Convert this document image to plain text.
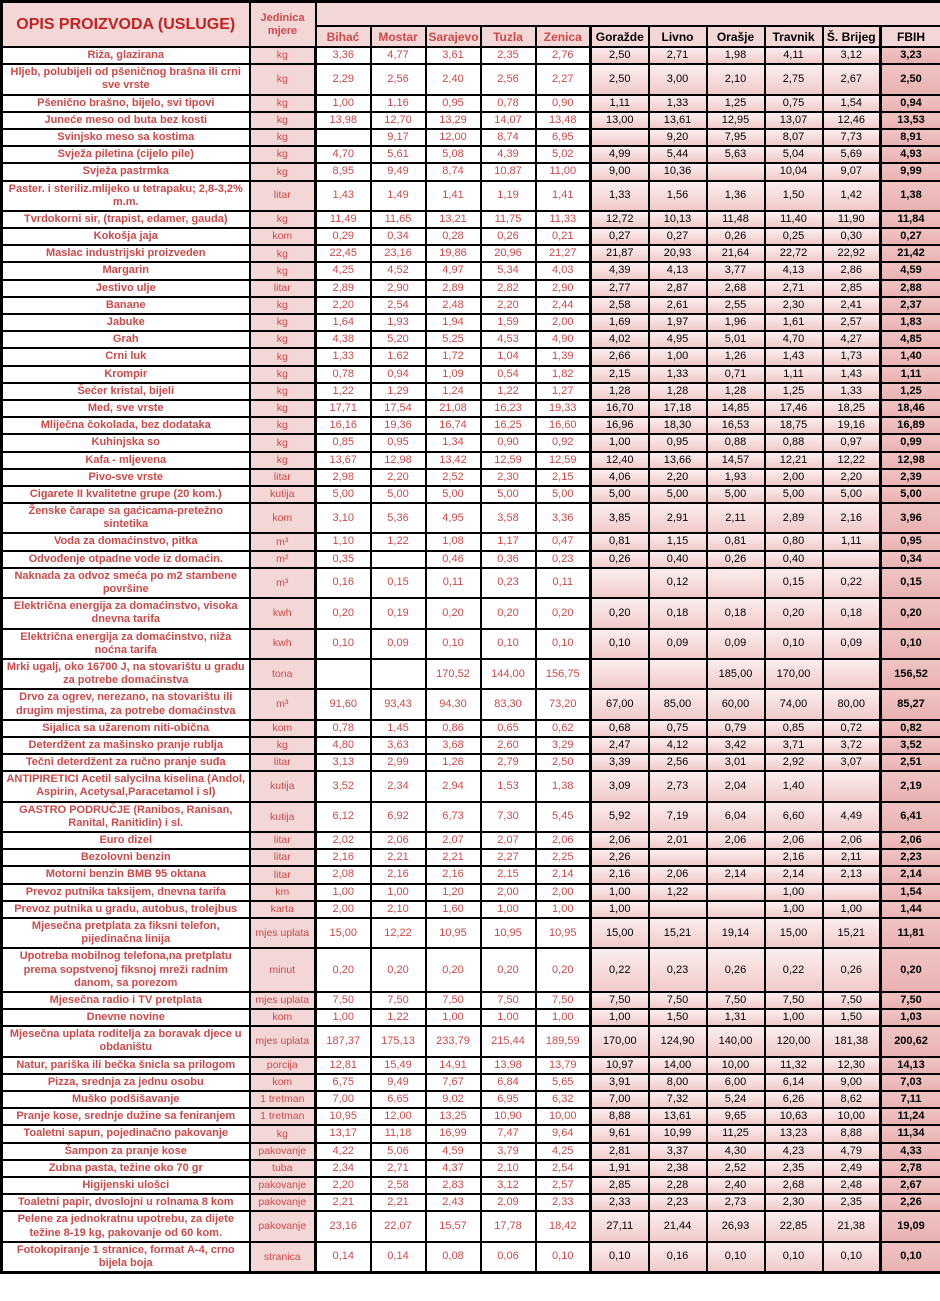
OPIS PROIZVODA (USLUGE)	Jedinica mjere											
		Bihać	Mostar	Sarajevo	Tuzla	Zenica	Goražde	Livno	Orašje	Travnik	Š. Brijeg	FBIH
Riža, glazirana	kg	3,36	4,77	3,61	2,35	2,76	2,50	2,71	1,98	4,11	3,12	3,23
Hljeb, polubijeli od pšeničnog brašna ili crni sve vrste	kg	2,29	2,56	2,40	2,56	2,27	2,50	3,00	2,10	2,75	2,67	2,50
Pšenično brašno, bijelo, svi tipovi	kg	1,00	1,16	0,95	0,78	0,90	1,11	1,33	1,25	0,75	1,54	0,94
Juneće meso od buta bez kosti	kg	13,98	12,70	13,29	14,07	13,48	13,00	13,61	12,95	13,07	12,46	13,53
Svinjsko meso sa kostima	kg		9,17	12,00	8,74	6,95		9,20	7,95	8,07	7,73	8,91
Svježa piletina (cijelo pile)	kg	4,70	5,61	5,08	4,39	5,02	4,99	5,44	5,63	5,04	5,69	4,93
Svježa pastrmka	kg	8,95	9,49	8,74	10,87	11,00	9,00	10,36		10,04	9,07	9,99
Paster. i steriliz.mlijeko u tetrapaku; 2,8-3,2% m.m.	litar	1,43	1,49	1,41	1,19	1,41	1,33	1,56	1,36	1,50	1,42	1,38
Tvrdokorni sir, (trapist, edamer, gauda)	kg	11,49	11,65	13,21	11,75	11,33	12,72	10,13	11,48	11,40	11,90	11,84
Kokošja jaja	kom	0,29	0,34	0,28	0,26	0,21	0,27	0,27	0,26	0,25	0,30	0,27
Maslac industrijski proizveden	kg	22,45	23,16	19,86	20,96	21,27	21,87	20,93	21,64	22,72	22,92	21,42
Margarin	kg	4,25	4,52	4,97	5,34	4,03	4,39	4,13	3,77	4,13	2,86	4,59
Jestivo ulje	litar	2,89	2,90	2,89	2,82	2,90	2,77	2,87	2,68	2,71	2,85	2,88
Banane	kg	2,20	2,54	2,48	2,20	2,44	2,58	2,61	2,55	2,30	2,41	2,37
Jabuke	kg	1,64	1,93	1,94	1,59	2,00	1,69	1,97	1,96	1,61	2,57	1,83
Grah	kg	4,38	5,20	5,25	4,53	4,90	4,02	4,95	5,01	4,70	4,27	4,85
Crni luk	kg	1,33	1,62	1,72	1,04	1,39	2,66	1,00	1,26	1,43	1,73	1,40
Krompir	kg	0,78	0,94	1,09	0,54	1,82	2,15	1,33	0,71	1,11	1,43	1,11
Šećer kristal, bijeli	kg	1,22	1,29	1,24	1,22	1,27	1,28	1,28	1,28	1,25	1,33	1,25
Med, sve vrste	kg	17,71	17,54	21,08	16,23	19,33	16,70	17,18	14,85	17,46	18,25	18,46
Mliječna čokolada, bez dodataka	kg	16,16	19,36	16,74	16,25	16,60	16,96	18,30	16,53	18,75	19,16	16,89
Kuhinjska so	kg	0,85	0,95	1,34	0,90	0,92	1,00	0,95	0,88	0,88	0,97	0,99
Kafa - mljevena	kg	13,67	12,98	13,42	12,59	12,59	12,40	13,66	14,57	12,21	12,22	12,98
Pivo-sve vrste	litar	2,98	2,20	2,52	2,30	2,15	4,06	2,20	1,93	2,00	2,20	2,39
Cigarete II kvalitetne grupe (20 kom.)	kutija	5,00	5,00	5,00	5,00	5,00	5,00	5,00	5,00	5,00	5,00	5,00
Ženske čarape sa gaćicama-pretežno sintetika	kom	3,10	5,36	4,95	3,58	3,36	3,85	2,91	2,11	2,89	2,16	3,96
Voda za domaćinstvo, pitka	m³	1,10	1,22	1,08	1,17	0,47	0,81	1,15	0,81	0,80	1,11	0,95
Odvođenje otpadne vode iz domaćin.	m²	0,35		0,46	0,36	0,23	0,26	0,40	0,26	0,40		0,34
Naknada za odvoz smeća po m2 stambene površine	m³	0,16	0,15	0,11	0,23	0,11		0,12		0,15	0,22	0,15
Električna energija za domaćinstvo, visoka dnevna tarifa	kwh	0,20	0,19	0,20	0,20	0,20	0,20	0,18	0,18	0,20	0,18	0,20
Električna energija za domaćinstvo, niža noćna tarifa	kwh	0,10	0,09	0,10	0,10	0,10	0,10	0,09	0,09	0,10	0,09	0,10
Mrki ugalj, oko 16700 J, na stovarištu u gradu za potrebe domaćinstva	tona			170,52	144,00	156,75			185,00	170,00		156,52
Drvo za ogrev, nerezano, na stovarištu ili drugim mjestima, za potrebe domaćinstva	m³	91,60	93,43	94,30	83,30	73,20	67,00	85,00	60,00	74,00	80,00	85,27
Sijalica sa užarenom niti-obična	kom	0,78	1,45	0,86	0,65	0,62	0,68	0,75	0,79	0,85	0,72	0,82
Deterdžent za mašinsko pranje rublja	kg	4,80	3,63	3,68	2,60	3,29	2,47	4,12	3,42	3,71	3,72	3,52
Tečni deterdžent za ručno pranje suđa	litar	3,13	2,99	1,26	2,79	2,50	3,39	2,56	3,01	2,92	3,07	2,51
ANTIPIRETICI Acetil salycilna kiselina (Andol, Aspirin, Acetysal,Paracetamol i sl)	kutija	3,52	2,34	2,94	1,53	1,38	3,09	2,73	2,04	1,40		2,19
GASTRO PODRUČJE (Ranibos, Ranisan, Ranital, Ranitidin) i sl.	kutija	6,12	6,92	6,73	7,30	5,45	5,92	7,19	6,04	6,60	4,49	6,41
Euro dizel	litar	2,02	2,06	2,07	2,07	2,06	2,06	2,01	2,06	2,06	2,06	2,06
Bezolovni benzin	litar	2,16	2,21	2,21	2,27	2,25	2,26			2,16	2,11	2,23
Motorni benzin BMB 95 oktana	litar	2,08	2,16	2,16	2,15	2,14	2,16	2,06	2,14	2,14	2,13	2,14
Prevoz putnika taksijem, dnevna tarifa	km	1,00	1,00	1,20	2,00	2,00	1,00	1,22		1,00		1,54
Prevoz putnika u gradu, autobus, trolejbus	karta	2,00	2,10	1,60	1,00	1,00	1,00			1,00	1,00	1,44
Mjesečna pretplata za fiksni telefon, pijedinačna linija	mjes uplata	15,00	12,22	10,95	10,95	10,95	15,00	15,21	19,14	15,00	15,21	11,81
Upotreba mobilnog telefona,na pretplatu prema sopstvenoj fiksnoj mreži radnim danom, sa porezom	minut	0,20	0,20	0,20	0,20	0,20	0,22	0,23	0,26	0,22	0,26	0,20
Mjesečna radio i TV pretplata	mjes uplata	7,50	7,50	7,50	7,50	7,50	7,50	7,50	7,50	7,50	7,50	7,50
Dnevne novine	kom	1,00	1,22	1,00	1,00	1,00	1,00	1,50	1,31	1,00	1,50	1,03
Mjesečna uplata roditelja za boravak djece u obdaništu	mjes uplata	187,37	175,13	233,79	215,44	189,59	170,00	124,90	140,00	120,00	181,38	200,62
Natur, pariška ili bečka šnicla sa prilogom	porcija	12,81	15,49	14,91	13,98	13,79	10,97	14,00	10,00	11,32	12,30	14,13
Pizza, srednja za jednu osobu	kom	6,75	9,49	7,67	6,84	5,65	3,91	8,00	6,00	6,14	9,00	7,03
Muško podšišavanje	1 tretman	7,00	6,65	9,02	6,95	6,32	7,00	7,32	5,24	6,26	8,62	7,11
Pranje kose, srednje dužine sa feniranjem	1 tretman	10,95	12,00	13,25	10,90	10,00	8,88	13,61	9,65	10,63	10,00	11,24
Toaletni sapun, pojedinačno pakovanje	kg	13,17	11,18	16,99	7,47	9,64	9,61	10,99	11,25	13,23	8,88	11,34
Šampon za pranje kose	pakovanje	4,22	5,06	4,59	3,79	4,25	2,81	3,37	4,30	4,23	4,79	4,33
Zubna pasta, težine oko 70 gr	tuba	2,34	2,71	4,37	2,10	2,54	1,91	2,38	2,52	2,35	2,49	2,78
Higijenski ulošci	pakovanje	2,20	2,58	2,83	3,12	2,57	2,85	2,28	2,40	2,68	2,48	2,67
Toaletni papir, dvoslojni u rolnama 8 kom	pakovanje	2,21	2,21	2,43	2,09	2,33	2,33	2,23	2,73	2,30	2,35	2,26
Pelene za jednokratnu upotrebu, za dijete težine 8-19 kg, pakovanje od 60 kom.	pakovanje	23,16	22,07	15,57	17,78	18,42	27,11	21,44	26,93	22,85	21,38	19,09
Fotokopiranje 1 stranice, format A-4, crno bijela boja	stranica	0,14	0,14	0,08	0,06	0,10	0,10	0,16	0,10	0,10	0,10	0,10
